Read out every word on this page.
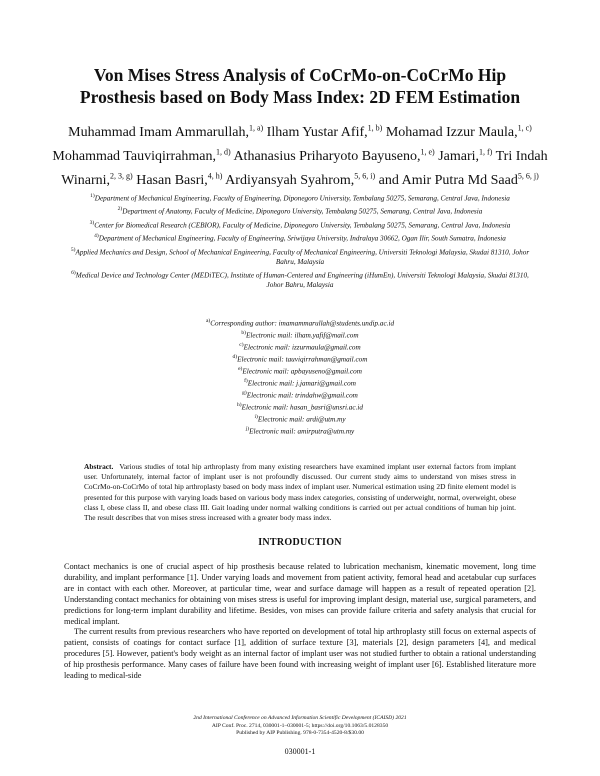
Von Mises Stress Analysis of CoCrMo-on-CoCrMo Hip Prosthesis based on Body Mass Index: 2D FEM Estimation
Muhammad Imam Ammarullah,$^{1, a)}$ Ilham Yustar Afif,$^{1, b)}$ Mohamad Izzur Maula,$^{1, c)}$ Mohammad Tauviqirrahman,$^{1, d)}$ Athanasius Priharyoto Bayuseno,$^{1, e)}$ Jamari,$^{1, f)}$ Tri Indah Winarni,$^{2, 3, g)}$ Hasan Basri,$^{4, h)}$ Ardiyansyah Syahrom,$^{5, 6, i)}$ and Amir Putra Md Saad$^{5, 6, j)}$
$^{1)}$Department of Mechanical Engineering, Faculty of Engineering, Diponegoro University, Tembalang 50275, Semarang, Central Java, Indonesia
$^{2)}$Department of Anatomy, Faculty of Medicine, Diponegoro University, Tembalang 50275, Semarang, Central Java, Indonesia
$^{3)}$Center for Biomedical Research (CEBIOR), Faculty of Medicine, Diponegoro University, Tembalang 50275, Semarang, Central Java, Indonesia
$^{4)}$Department of Mechanical Engineering, Faculty of Engineering, Sriwijaya University, Indralaya 30662, Ogan Ilir, South Sumatra, Indonesia
$^{5)}$Applied Mechanics and Design, School of Mechanical Engineering, Faculty of Mechanical Engineering, Universiti Teknologi Malaysia, Skudai 81310, Johor Bahru, Malaysia
$^{6)}$Medical Device and Technology Center (MEDiTEC), Institute of Human-Centered and Engineering (iHumEn), Universiti Teknologi Malaysia, Skudai 81310, Johor Bahru, Malaysia
$^{a)}$Corresponding author: imamammarullah@students.undip.ac.id
$^{b)}$Electronic mail: ilham.yafif@mail.com
$^{c)}$Electronic mail: izzurmaula@gmail.com
$^{d)}$Electronic mail: tauviqirrahman@gmail.com
$^{e)}$Electronic mail: apbayuseno@gmail.com
$^{f)}$Electronic mail: j.jamari@gmail.com
$^{g)}$Electronic mail: trindahw@gmail.com
$^{h)}$Electronic mail: hasan_basri@unsri.ac.id
$^{i)}$Electronic mail: ardi@utm.my
$^{j)}$Electronic mail: amirputra@utm.my
Abstract. Various studies of total hip arthroplasty from many existing researchers have examined implant user external factors from implant user. Unfortunately, internal factor of implant user is not profoundly discussed. Our current study aims to understand von mises stress in CoCrMo-on-CoCrMo of total hip arthroplasty based on body mass index of implant user. Numerical estimation using 2D finite element model is presented for this purpose with varying loads based on various body mass index categories, consisting of underweight, normal, overweight, obese class I, obese class II, and obese class III. Gait loading under normal walking conditions is carried out per actual conditions of human hip joint. The result describes that von mises stress increased with a greater body mass index.
INTRODUCTION

Contact mechanics is one of crucial aspect of hip prosthesis because related to lubrication mechanism, kinematic movement, long time durability, and implant performance [1]. Under varying loads and movement from patient activity, femoral head and acetabular cup surfaces are in contact with each other. Moreover, at particular time, wear and surface damage will happen as a result of repeated operation [2]. Understanding contact mechanics for obtaining von mises stress is useful for improving implant design, material use, surgical parameters, and predictions for long-term implant durability and lifetime. Besides, von mises can provide failure criteria and safety analysis that crucial for medical implant.

The current results from previous researchers who have reported on development of total hip arthroplasty still focus on external aspects of patient, consists of coatings for contact surface [1], addition of surface texture [3], materials [2], design parameters [4], and medical procedures [5]. However, patient's body weight as an internal factor of implant user was not studied further to obtain a rational understanding of hip prosthesis performance. Many cases of failure have been found with increasing weight of implant user [6]. Established literature more leading to medical-side

2nd International Conference on Advanced Information Scientific Development (ICAISD) 2021
AIP Conf. Proc. 2714, 030001-1–030001-5; https://doi.org/10.1063/5.0128350
Published by AIP Publishing. 978-0-7354-4520-8/$30.00
030001-1
